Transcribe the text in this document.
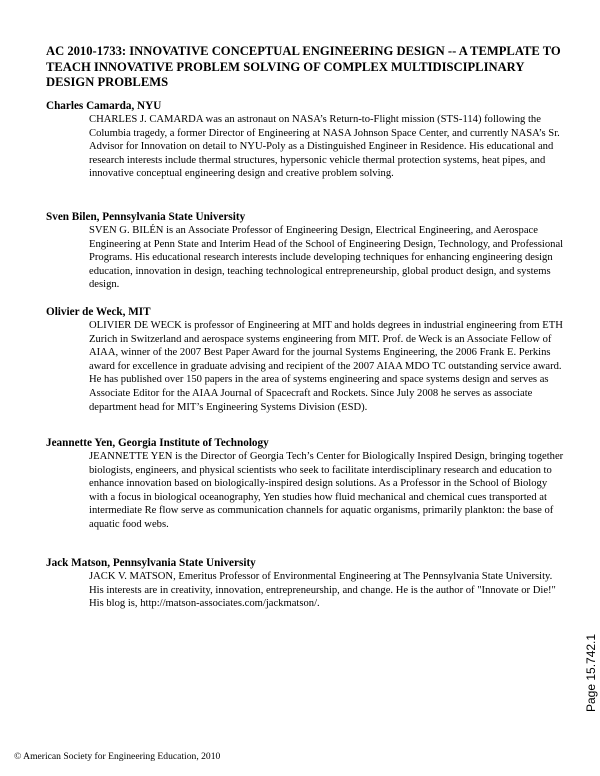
AC 2010-1733: INNOVATIVE CONCEPTUAL ENGINEERING DESIGN -- A TEMPLATE TO TEACH INNOVATIVE PROBLEM SOLVING OF COMPLEX MULTIDISCIPLINARY DESIGN PROBLEMS

Charles Camarda, NYU

CHARLES J. CAMARDA was an astronaut on NASA’s Return-to-Flight mission (STS-114) following the Columbia tragedy, a former Director of Engineering at NASA Johnson Space Center, and currently NASA’s Sr. Advisor for Innovation on detail to NYU-Poly as a Distinguished Engineer in Residence. His educational and research interests include thermal structures, hypersonic vehicle thermal protection systems, heat pipes, and innovative conceptual engineering design and creative problem solving.

Sven Bilen, Pennsylvania State University

SVEN G. BILÉN is an Associate Professor of Engineering Design, Electrical Engineering, and Aerospace Engineering at Penn State and Interim Head of the School of Engineering Design, Technology, and Professional Programs. His educational research interests include developing techniques for enhancing engineering design education, innovation in design, teaching technological entrepreneurship, global product design, and systems design.

Olivier de Weck, MIT

OLIVIER DE WECK is professor of Engineering at MIT and holds degrees in industrial engineering from ETH Zurich in Switzerland and aerospace systems engineering from MIT. Prof. de Weck is an Associate Fellow of AIAA, winner of the 2007 Best Paper Award for the journal Systems Engineering, the 2006 Frank E. Perkins award for excellence in graduate advising and recipient of the 2007 AIAA MDO TC outstanding service award. He has published over 150 papers in the area of systems engineering and space systems design and serves as Associate Editor for the AIAA Journal of Spacecraft and Rockets. Since July 2008 he serves as associate department head for MIT’s Engineering Systems Division (ESD).

Jeannette Yen, Georgia Institute of Technology

JEANNETTE YEN is the Director of Georgia Tech’s Center for Biologically Inspired Design, bringing together biologists, engineers, and physical scientists who seek to facilitate interdisciplinary research and education to enhance innovation based on biologically-inspired design solutions. As a Professor in the School of Biology with a focus in biological oceanography, Yen studies how fluid mechanical and chemical cues transported at intermediate Re flow serve as communication channels for aquatic organisms, primarily plankton: the base of aquatic food webs.

Jack Matson, Pennsylvania State University

JACK V. MATSON, Emeritus Professor of Environmental Engineering at The Pennsylvania State University. His interests are in creativity, innovation, entrepreneurship, and change. He is the author of "Innovate or Die!" His blog is, http://matson-associates.com/jackmatson/.

© American Society for Engineering Education, 2010
Page 15.742.1
